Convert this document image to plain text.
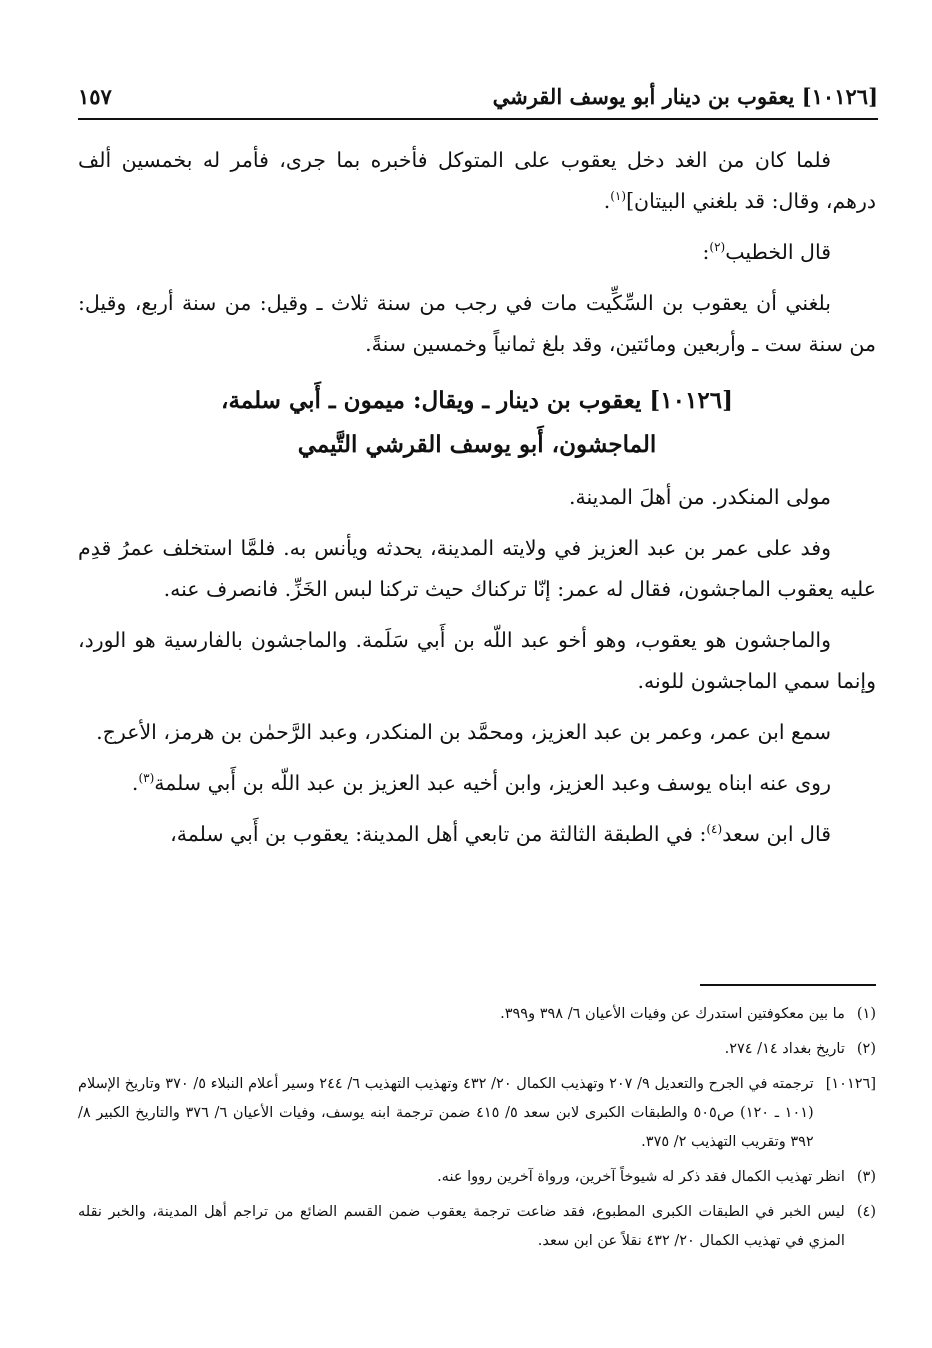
[١٠١٢٦] يعقوب بن دينار أبو يوسف القرشي
١٥٧

فلما كان من الغد دخل يعقوب على المتوكل فأخبره بما جرى، فأمر له بخمسين ألف درهم، وقال: قد بلغني البيتان]$^{(١)}$.

قال الخطيب$^{(٢)}$:

بلغني أن يعقوب بن السِّكِّيت مات في رجب من سنة ثلاث ـ وقيل: من سنة أربع، وقيل: من سنة ست ـ وأربعين ومائتين، وقد بلغ ثمانياً وخمسين سنةً.

[١٠١٢٦] يعقوب بن دينار ـ ويقال: ميمون ـ أَبي سلمة،
الماجشون، أَبو يوسف القرشي التَّيمي

مولى المنكدر. من أهلَ المدينة.

وفد على عمر بن عبد العزيز في ولايته المدينة، يحدثه ويأنس به. فلمَّا استخلف عمرُ قدِم عليه يعقوب الماجشون، فقال له عمر: إنّا تركناك حيث تركنا لبس الخَزِّ. فانصرف عنه.

والماجشون هو يعقوب، وهو أخو عبد اللّه بن أَبي سَلَمة. والماجشون بالفارسية هو الورد، وإنما سمي الماجشون للونه.

سمع ابن عمر، وعمر بن عبد العزيز، ومحمَّد بن المنكدر، وعبد الرَّحمٰن بن هرمز، الأعرج.

روى عنه ابناه يوسف وعبد العزيز، وابن أخيه عبد العزيز بن عبد اللّه بن أَبي سلمة$^{(٣)}$.

قال ابن سعد$^{(٤)}$: في الطبقة الثالثة من تابعي أهل المدينة: يعقوب بن أَبي سلمة،

(١)
ما بين معكوفتين استدرك عن وفيات الأعيان ٦/ ٣٩٨ و٣٩٩.
(٢)
تاريخ بغداد ١٤/ ٢٧٤.
[١٠١٢٦]
ترجمته في الجرح والتعديل ٩/ ٢٠٧ وتهذيب الكمال ٢٠/ ٤٣٢ وتهذيب التهذيب ٦/ ٢٤٤ وسير أعلام النبلاء ٥/ ٣٧٠ وتاريخ الإسلام (١٠١ ـ ١٢٠) ص٥٠٥ والطبقات الكبرى لابن سعد ٥/ ٤١٥ ضمن ترجمة ابنه يوسف، وفيات الأعيان ٦/ ٣٧٦ والتاريخ الكبير ٨/ ٣٩٢ وتقريب التهذيب ٢/ ٣٧٥.
(٣)
انظر تهذيب الكمال فقد ذكر له شيوخاً آخرين، ورواة آخرين رووا عنه.
(٤)
ليس الخبر في الطبقات الكبرى المطبوع، فقد ضاعت ترجمة يعقوب ضمن القسم الضائع من تراجم أهل المدينة، والخبر نقله المزي في تهذيب الكمال ٢٠/ ٤٣٢ نقلاً عن ابن سعد.
